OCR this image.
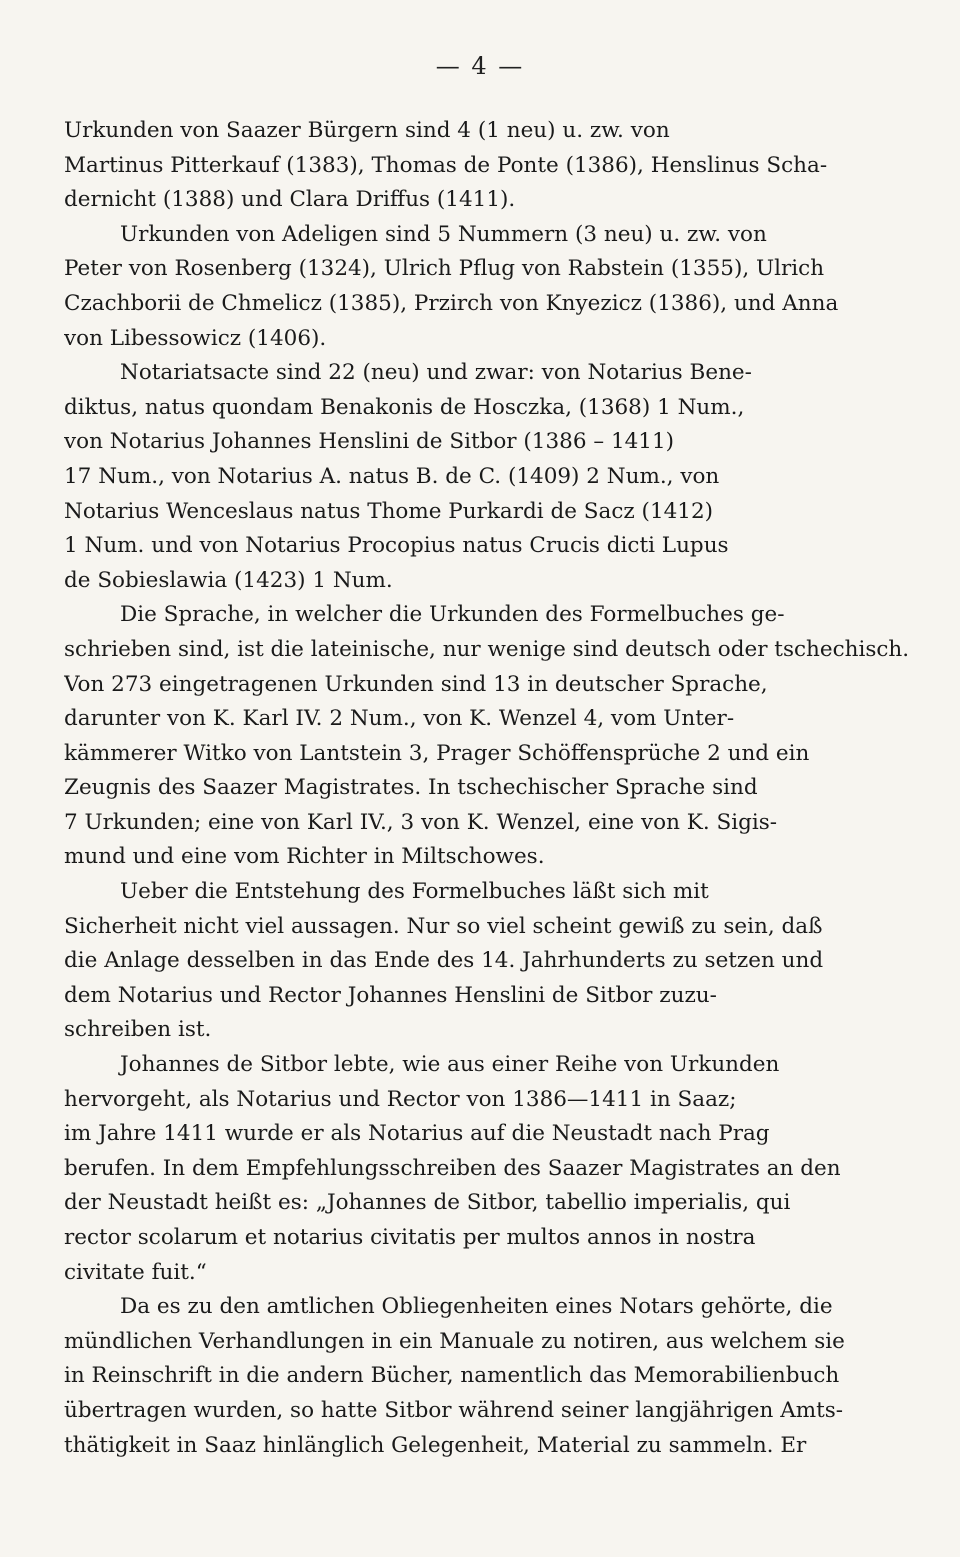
— 4 —
Urkunden von Saazer Bürgern sind 4 (1 neu) u. zw. von
Martinus Pitterkauf (1383), Thomas de Ponte (1386), Henslinus Scha-
dernicht (1388) und Clara Driffus (1411).
Urkunden von Adeligen sind 5 Nummern (3 neu) u. zw. von
Peter von Rosenberg (1324), Ulrich Pflug von Rabstein (1355), Ulrich
Czachborii de Chmelicz (1385), Przirch von Knyezicz (1386), und Anna
von Libessowicz (1406).
Notariatsacte sind 22 (neu) und zwar: von Notarius Bene-
diktus, natus quondam Benakonis de Hosczka, (1368) 1 Num.,
von Notarius Johannes Henslini de Sitbor (1386 – 1411)
17 Num., von Notarius A. natus B. de C. (1409) 2 Num., von
Notarius Wenceslaus natus Thome Purkardi de Sacz (1412)
1 Num. und von Notarius Procopius natus Crucis dicti Lupus
de Sobieslawia (1423) 1 Num.
Die Sprache, in welcher die Urkunden des Formelbuches ge-
schrieben sind, ist die lateinische, nur wenige sind deutsch oder tschechisch.
Von 273 eingetragenen Urkunden sind 13 in deutscher Sprache,
darunter von K. Karl IV. 2 Num., von K. Wenzel 4, vom Unter-
kämmerer Witko von Lantstein 3, Prager Schöffensprüche 2 und ein
Zeugnis des Saazer Magistrates. In tschechischer Sprache sind
7 Urkunden; eine von Karl IV., 3 von K. Wenzel, eine von K. Sigis-
mund und eine vom Richter in Miltschowes.
Ueber die Entstehung des Formelbuches läßt sich mit
Sicherheit nicht viel aussagen. Nur so viel scheint gewiß zu sein, daß
die Anlage desselben in das Ende des 14. Jahrhunderts zu setzen und
dem Notarius und Rector Johannes Henslini de Sitbor zuzu-
schreiben ist.
Johannes de Sitbor lebte, wie aus einer Reihe von Urkunden
hervorgeht, als Notarius und Rector von 1386—1411 in Saaz;
im Jahre 1411 wurde er als Notarius auf die Neustadt nach Prag
berufen. In dem Empfehlungsschreiben des Saazer Magistrates an den
der Neustadt heißt es: „Johannes de Sitbor, tabellio imperialis, qui
rector scolarum et notarius civitatis per multos annos in nostra
civitate fuit.“
Da es zu den amtlichen Obliegenheiten eines Notars gehörte, die
mündlichen Verhandlungen in ein Manuale zu notiren, aus welchem sie
in Reinschrift in die andern Bücher, namentlich das Memorabilienbuch
übertragen wurden, so hatte Sitbor während seiner langjährigen Amts-
thätigkeit in Saaz hinlänglich Gelegenheit, Material zu sammeln. Er
